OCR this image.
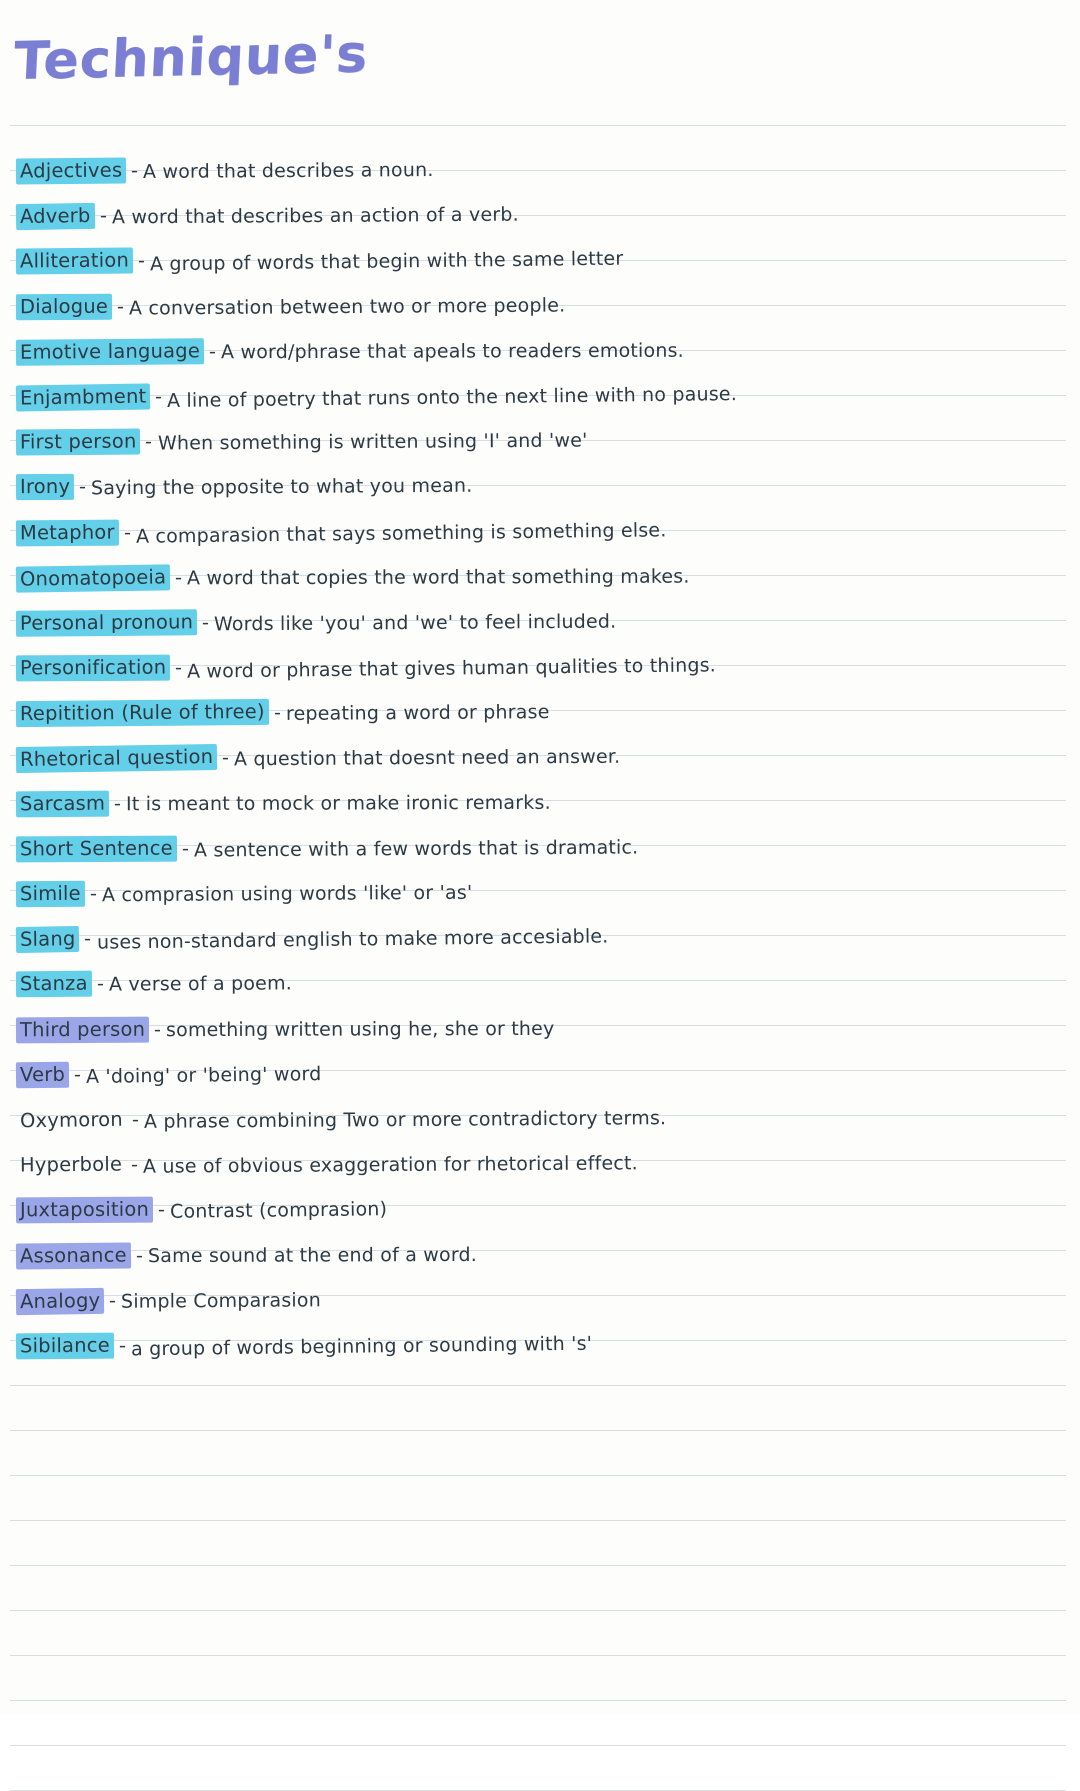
Technique's
Adjectives - A word that describes a noun.
Adverb - A word that describes an action of a verb.
Alliteration - A group of words that begin with the same letter
Dialogue - A conversation between two or more people.
Emotive language - A word/phrase that apeals to readers emotions.
Enjambment - A line of poetry that runs onto the next line with no pause.
First person - When something is written using 'I' and 'we'
Irony - Saying the opposite to what you mean.
Metaphor - A comparasion that says something is something else.
Onomatopoeia - A word that copies the word that something makes.
Personal pronoun - Words like 'you' and 'we' to feel included.
Personification - A word or phrase that gives human qualities to things.
Repitition (Rule of three) - repeating a word or phrase
Rhetorical question - A question that doesnt need an answer.
Sarcasm - It is meant to mock or make ironic remarks.
Short Sentence - A sentence with a few words that is dramatic.
Simile - A comprasion using words 'like' or 'as'
Slang - uses non-standard english to make more accesiable.
Stanza - A verse of a poem.
Third person - something written using he, she or they
Verb - A 'doing' or 'being' word
Oxymoron - A phrase combining Two or more contradictory terms.
Hyperbole - A use of obvious exaggeration for rhetorical effect.
Juxtaposition - Contrast (comprasion)
Assonance - Same sound at the end of a word.
Analogy - Simple Comparasion
Sibilance - a group of words beginning or sounding with 's'
